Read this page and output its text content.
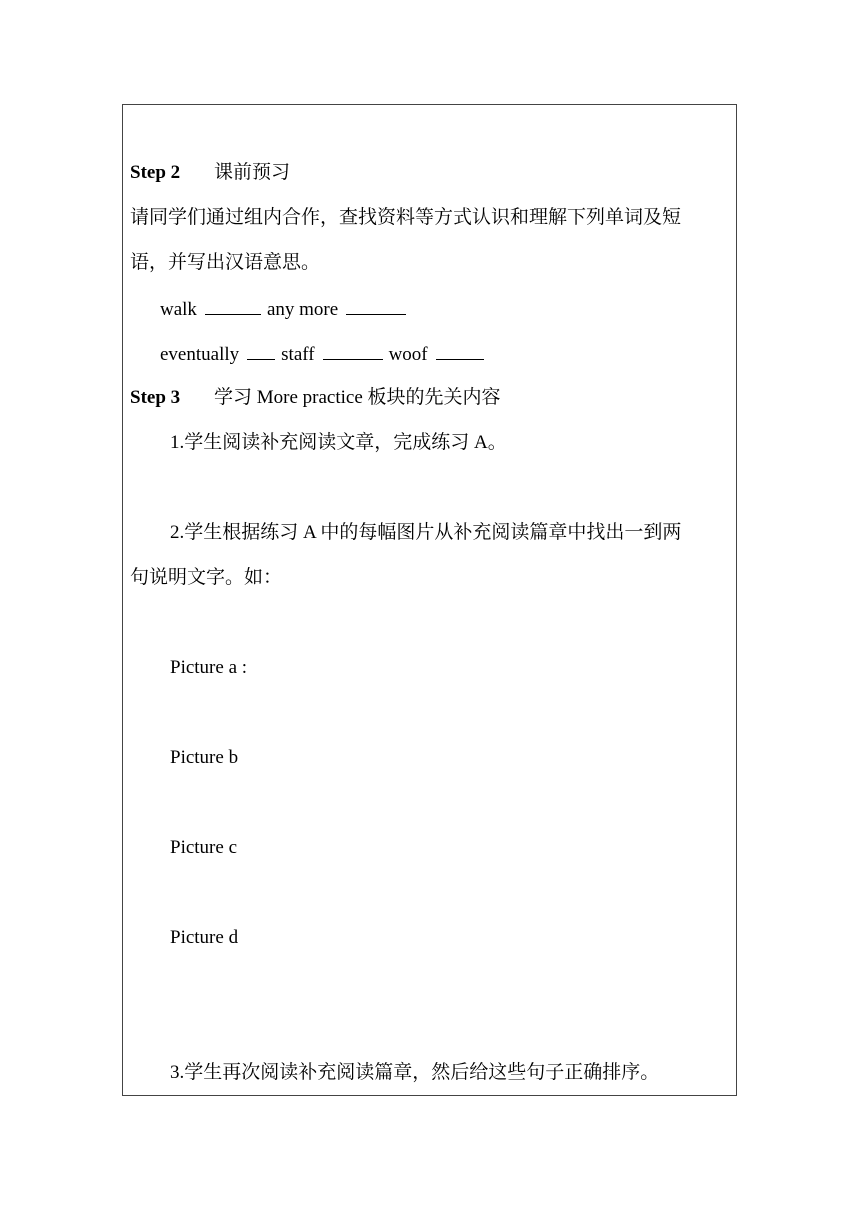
Step 2 课前预习
请同学们通过组内合作，查找资料等方式认识和理解下列单词及短
语，并写出汉语意思。
walk	any more
eventually staff	woof
Step 3 学习 More practice 板块的先关内容
1.学生阅读补充阅读文章，完成练习 A。
2.学生根据练习 A 中的每幅图片从补充阅读篇章中找出一到两
句说明文字。如：
Picture a :
Picture b
Picture c
Picture d
3.学生再次阅读补充阅读篇章，然后给这些句子正确排序。
